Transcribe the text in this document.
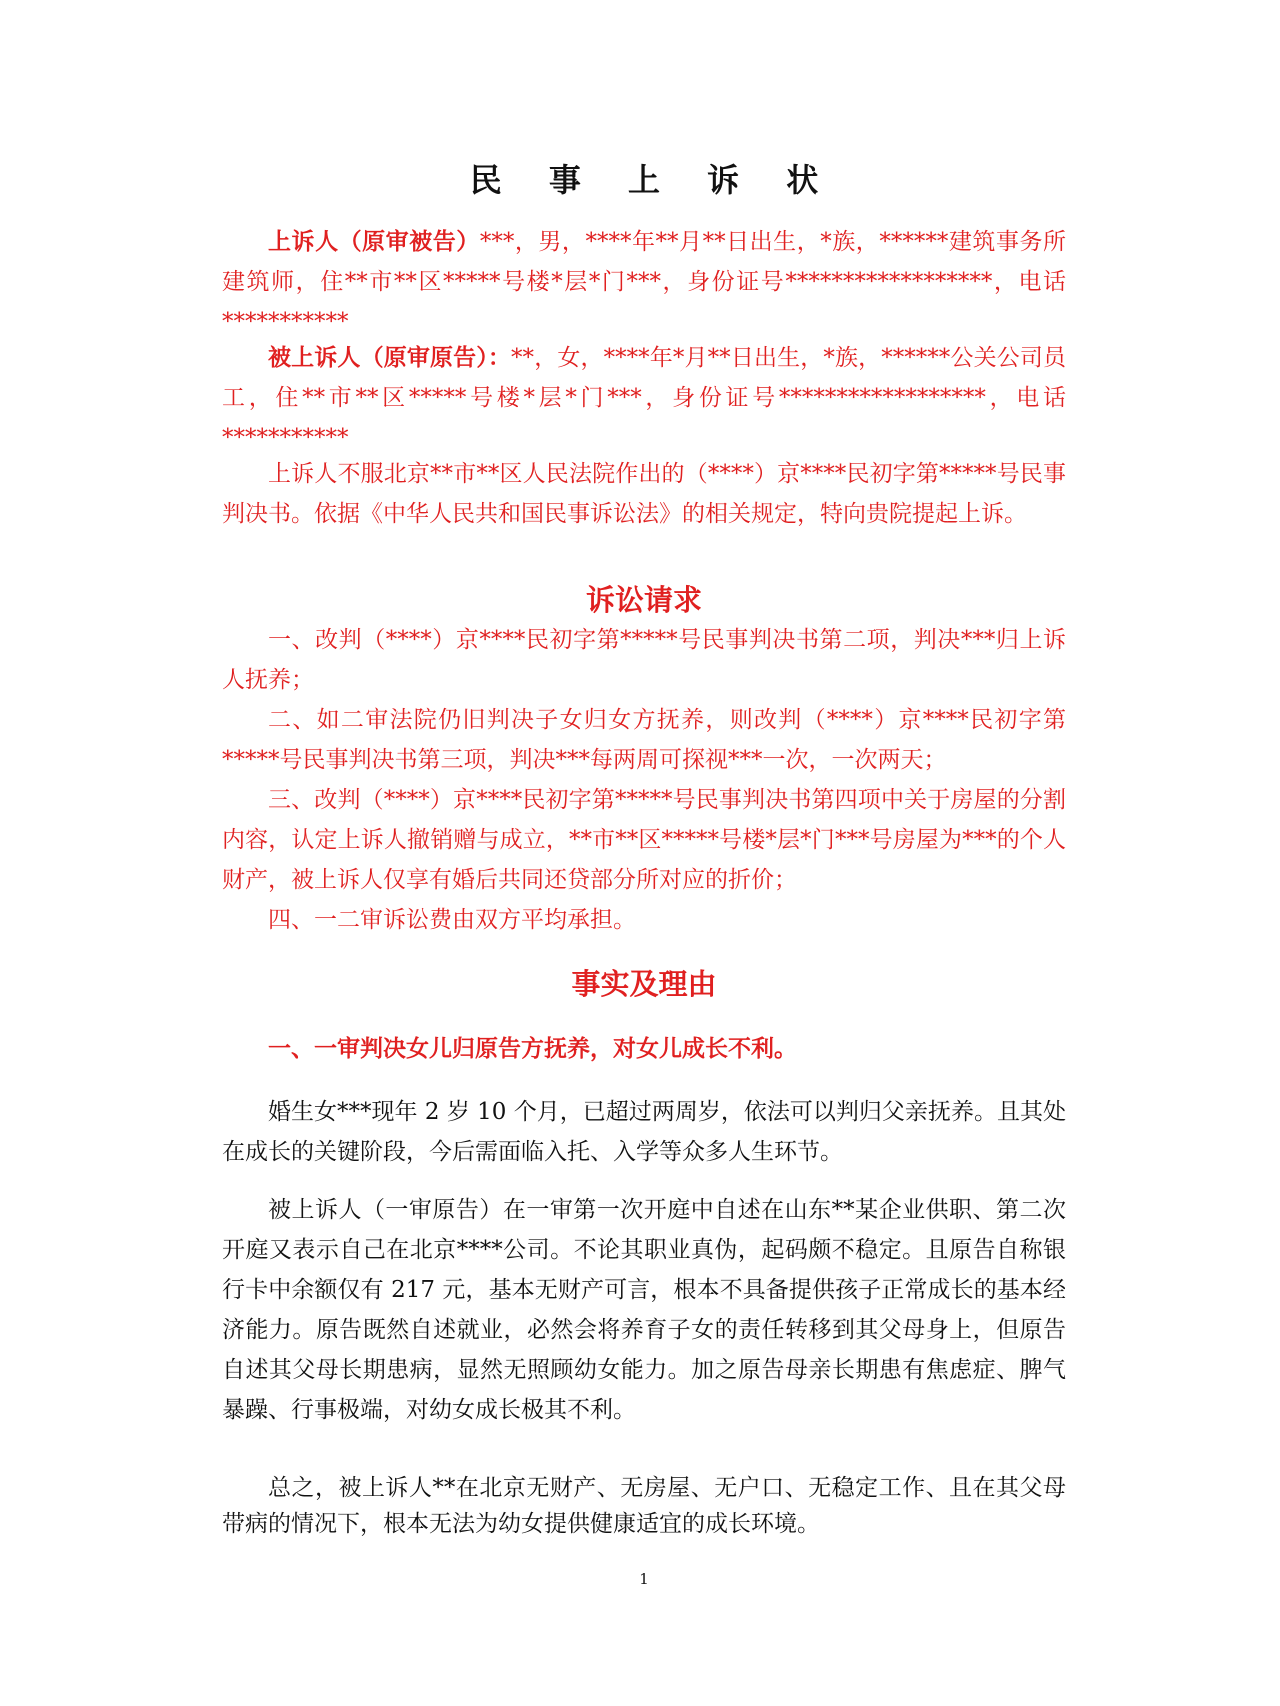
民 事 上 诉 状

上诉人（原审被告）***，男，****年**月**日出生，*族，******建筑事务所建筑师，住**市**区*****号楼*层*门***，身份证号******************，电话***********

被上诉人（原审原告）：**，女，****年*月**日出生，*族，******公关公司员工，住**市**区*****号楼*层*门***，身份证号******************，电话***********

上诉人不服北京**市**区人民法院作出的（****）京****民初字第*****号民事判决书。依据《中华人民共和国民事诉讼法》的相关规定，特向贵院提起上诉。

诉讼请求

一、改判（****）京****民初字第*****号民事判决书第二项，判决***归上诉人抚养；

二、如二审法院仍旧判决子女归女方抚养，则改判（****）京****民初字第*****号民事判决书第三项，判决***每两周可探视***一次，一次两天；

三、改判（****）京****民初字第*****号民事判决书第四项中关于房屋的分割内容，认定上诉人撤销赠与成立，**市**区*****号楼*层*门***号房屋为***的个人财产，被上诉人仅享有婚后共同还贷部分所对应的折价；

四、一二审诉讼费由双方平均承担。

事实及理由
一、一审判决女儿归原告方抚养，对女儿成长不利。

婚生女***现年 2 岁 10 个月，已超过两周岁，依法可以判归父亲抚养。且其处在成长的关键阶段，今后需面临入托、入学等众多人生环节。

被上诉人（一审原告）在一审第一次开庭中自述在山东**某企业供职、第二次开庭又表示自己在北京****公司。不论其职业真伪，起码颇不稳定。且原告自称银行卡中余额仅有 217 元，基本无财产可言，根本不具备提供孩子正常成长的基本经济能力。原告既然自述就业，必然会将养育子女的责任转移到其父母身上，但原告自述其父母长期患病，显然无照顾幼女能力。加之原告母亲长期患有焦虑症、脾气暴躁、行事极端，对幼女成长极其不利。

总之，被上诉人**在北京无财产、无房屋、无户口、无稳定工作、且在其父母带病的情况下，根本无法为幼女提供健康适宜的成长环境。

1
